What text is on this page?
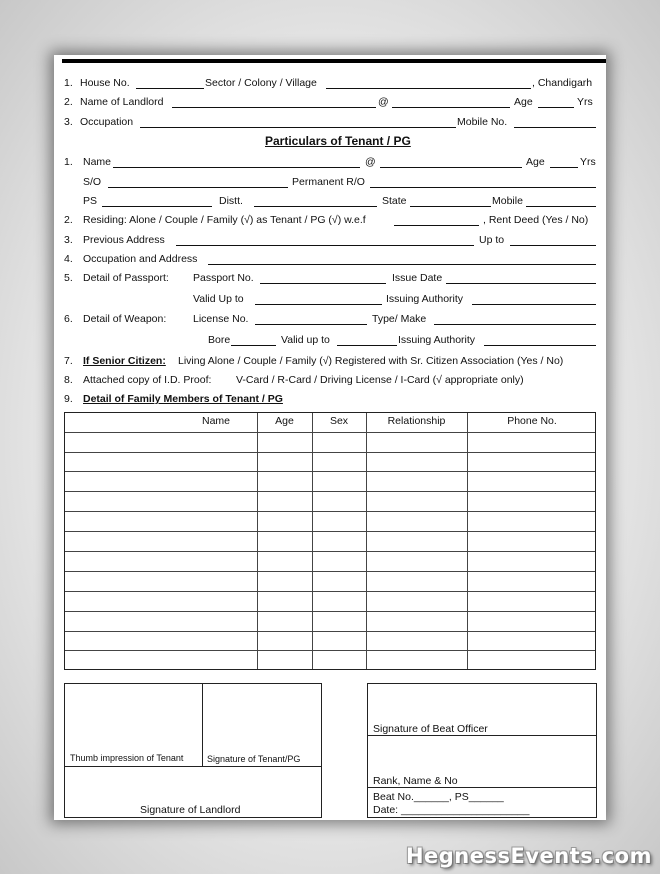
1. House No.	Sector / Colony / Village	, Chandigarh
2. Name of Landlord	@	Age	Yrs
3. Occupation	Mobile No.
Particulars of Tenant / PG
1. Name	@	Age	Yrs
S/O	Permanent R/O
PS	Distt.	State	Mobile
2. Residing: Alone / Couple / Family (√) as Tenant / PG (√) w.e.f	, Rent Deed (Yes / No)
3. Previous Address	Up to
4. Occupation and Address
5. Detail of Passport: Passport No.	Issue Date
Valid Up to	Issuing Authority
6. Detail of Weapon:	License No.	Type/ Make
Bore	Valid up to	Issuing Authority
7. If Senior Citizen: Living Alone / Couple / Family (√) Registered with Sr. Citizen Association (Yes / No)
8. Attached copy of I.D. Proof: V-Card / R-Card / Driving License / I-Card (√ appropriate only)
9. Detail of Family Members of Tenant / PG
Name	Age	Sex	Relationship	Phone No.
Thumb impression of Tenant	Signature of Tenant/PG
Signature of Landlord
Signature of Beat Officer
Rank, Name & No
Beat No.______, PS______
Date: ______________________
HegnessEvents.com
